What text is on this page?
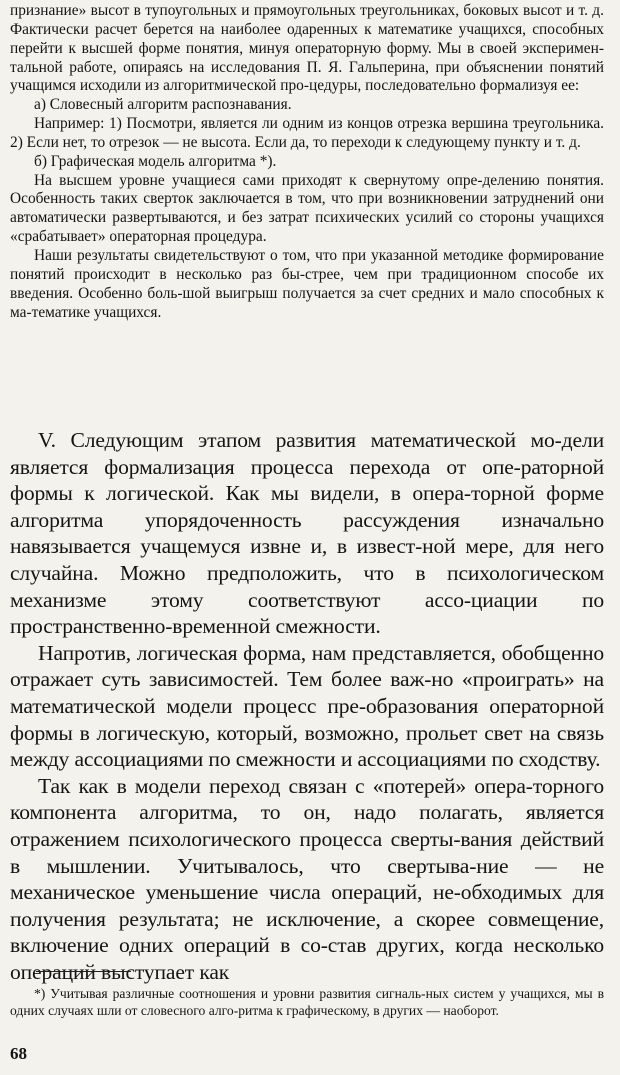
признание» высот в тупоугольных и прямоугольных треугольниках, боковых высот и т. д. Фактически расчет берется на наиболее одаренных к математике учащихся, способных перейти к высшей форме понятия, минуя операторную форму. Мы в своей эксперимен-тальной работе, опираясь на исследования П. Я. Гальперина, при объяснении понятий учащимся исходили из алгоритмической про-цедуры, последовательно формализуя ее:

а) Словесный алгоритм распознавания.

Например: 1) Посмотри, является ли одним из концов отрезка вершина треугольника. 2) Если нет, то отрезок — не высота. Если да, то переходи к следующему пункту и т. д.

б) Графическая модель алгоритма *).

На высшем уровне учащиеся сами приходят к свернутому опре-делению понятия. Особенность таких сверток заключается в том, что при возникновении затруднений они автоматически развертываются, и без затрат психических усилий со стороны учащихся «срабатывает» операторная процедура.

Наши результаты свидетельствуют о том, что при указанной методике формирование понятий происходит в несколько раз бы-стрее, чем при традиционном способе их введения. Особенно боль-шой выигрыш получается за счет средних и мало способных к ма-тематике учащихся.

V. Следующим этапом развития математической мо-дели является формализация процесса перехода от опе-раторной формы к логической. Как мы видели, в опера-торной форме алгоритма упорядоченность рассуждения изначально навязывается учащемуся извне и, в извест-ной мере, для него случайна. Можно предположить, что в психологическом механизме этому соответствуют ассо-циации по пространственно-временной смежности.

Напротив, логическая форма, нам представляется, обобщенно отражает суть зависимостей. Тем более важ-но «проиграть» на математической модели процесс пре-образования операторной формы в логическую, который, возможно, прольет свет на связь между ассоциациями по смежности и ассоциациями по сходству.

Так как в модели переход связан с «потерей» опера-торного компонента алгоритма, то он, надо полагать, является отражением психологического процесса сверты-вания действий в мышлении. Учитывалось, что свертыва-ние — не механическое уменьшение числа операций, не-обходимых для получения результата; не исключение, а скорее совмещение, включение одних операций в со-став других, когда несколько операций выступает как

*) Учитывая различные соотношения и уровни развития сигналь-ных систем у учащихся, мы в одних случаях шли от словесного алго-ритма к графическому, в других — наоборот.

68
